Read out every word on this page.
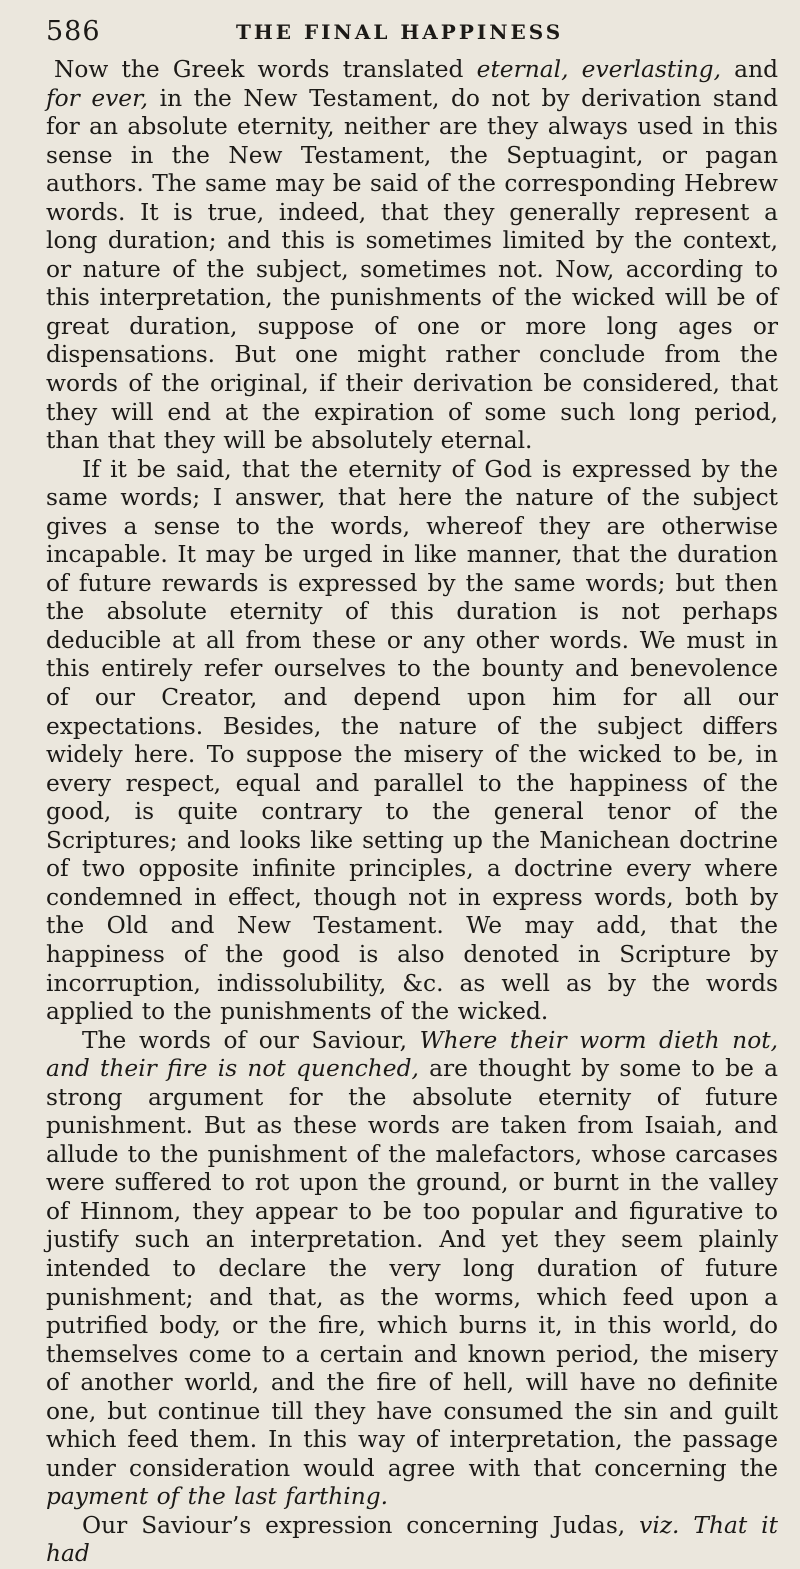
586	THE FINAL HAPPINESS

Now the Greek words translated eternal, everlasting, and for ever, in the New Testament, do not by derivation stand for an absolute eternity, neither are they always used in this sense in the New Testament, the Septuagint, or pagan authors. The same may be said of the corresponding Hebrew words. It is true, indeed, that they generally represent a long duration; and this is sometimes limited by the context, or nature of the subject, sometimes not. Now, according to this interpretation, the punishments of the wicked will be of great duration, suppose of one or more long ages or dispensations. But one might rather conclude from the words of the original, if their derivation be considered, that they will end at the expiration of some such long period, than that they will be absolutely eternal.

If it be said, that the eternity of God is expressed by the same words; I answer, that here the nature of the subject gives a sense to the words, whereof they are otherwise incapable. It may be urged in like manner, that the duration of future rewards is expressed by the same words; but then the absolute eternity of this duration is not perhaps deducible at all from these or any other words. We must in this entirely refer ourselves to the bounty and benevolence of our Creator, and depend upon him for all our expectations. Besides, the nature of the subject differs widely here. To suppose the misery of the wicked to be, in every respect, equal and parallel to the happiness of the good, is quite contrary to the general tenor of the Scriptures; and looks like setting up the Manichean doctrine of two opposite infinite principles, a doctrine every where condemned in effect, though not in express words, both by the Old and New Testament. We may add, that the happiness of the good is also denoted in Scripture by incorruption, indissolubility, &c. as well as by the words applied to the punishments of the wicked.

The words of our Saviour, Where their worm dieth not, and their fire is not quenched, are thought by some to be a strong argument for the absolute eternity of future punishment. But as these words are taken from Isaiah, and allude to the punishment of the malefactors, whose carcases were suffered to rot upon the ground, or burnt in the valley of Hinnom, they appear to be too popular and figurative to justify such an interpretation. And yet they seem plainly intended to declare the very long duration of future punishment; and that, as the worms, which feed upon a putrified body, or the fire, which burns it, in this world, do themselves come to a certain and known period, the misery of another world, and the fire of hell, will have no definite one, but continue till they have consumed the sin and guilt which feed them. In this way of interpretation, the passage under consideration would agree with that concerning the payment of the last farthing.

Our Saviour’s expression concerning Judas, viz. That it had
